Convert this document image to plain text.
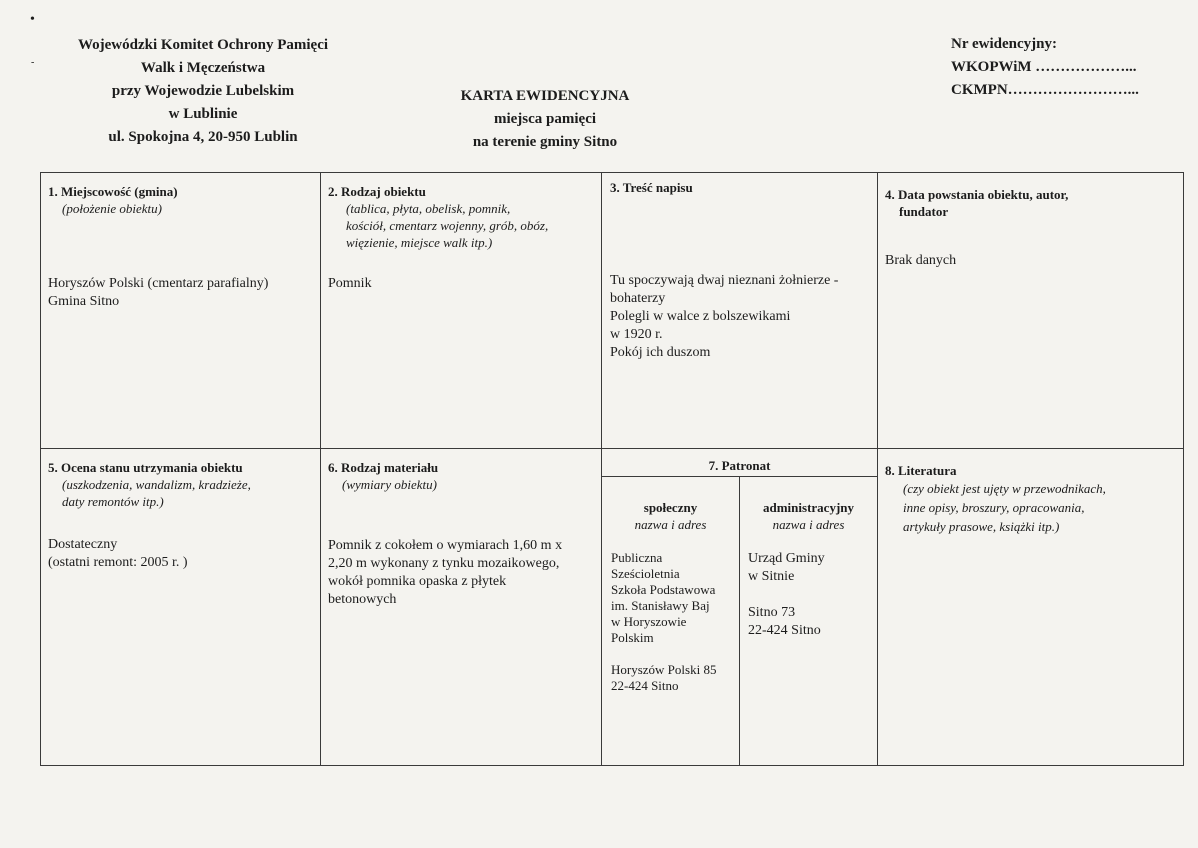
•
-
Wojewódzki Komitet Ochrony Pamięci
Walk i Męczeństwa
przy Wojewodzie Lubelskim
w Lublinie
ul. Spokojna 4, 20-950 Lublin
KARTA EWIDENCYJNA
miejsca pamięci
na terenie gminy Sitno
Nr ewidencyjny:
WKOPWiM ………………...
CKMPN……………………...
1. Miejscowość (gmina)
(położenie obiektu)
Horyszów Polski (cmentarz parafialny)
Gmina Sitno
2. Rodzaj obiektu
(tablica, płyta, obelisk, pomnik,
kościół, cmentarz wojenny, grób, obóz,
więzienie, miejsce walk itp.)
Pomnik
3. Treść napisu
Tu spoczywają dwaj nieznani żołnierze -
bohaterzy
Polegli w walce z bolszewikami
w 1920 r.
Pokój ich duszom
4. Data powstania obiektu, autor,
fundator
Brak danych
5. Ocena stanu utrzymania obiektu
(uszkodzenia, wandalizm, kradzieże,
daty remontów itp.)
Dostateczny
(ostatni remont: 2005 r. )
6. Rodzaj materiału
(wymiary obiektu)
Pomnik z cokołem o wymiarach 1,60 m x
2,20 m wykonany z tynku mozaikowego,
wokół pomnika opaska z płytek
betonowych
7. Patronat
społeczny
nazwa i adres
Publiczna
Sześcioletnia
Szkoła Podstawowa
im. Stanisławy Baj
w Horyszowie
Polskim
Horyszów Polski 85
22-424 Sitno
administracyjny
nazwa i adres
Urząd Gminy
w Sitnie
Sitno 73
22-424 Sitno
8. Literatura
(czy obiekt jest ujęty w przewodnikach,
inne opisy, broszury, opracowania,
artykuły prasowe, książki itp.)
